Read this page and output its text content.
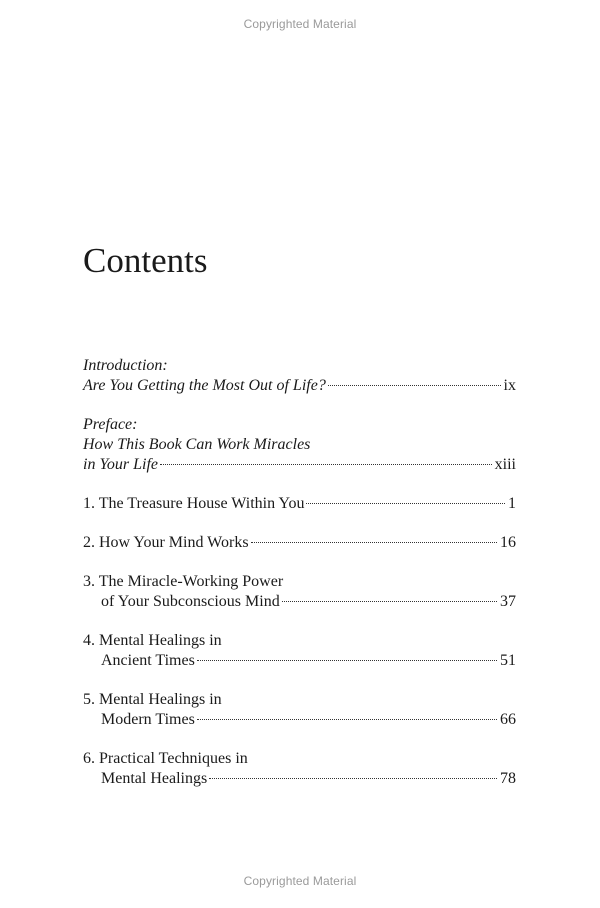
Copyrighted Material
Contents
Introduction:
Are You Getting the Most Out of Life?	ix
Preface:
How This Book Can Work Miracles
in Your Life	xiii
1. The Treasure House Within You	1
2. How Your Mind Works	16
3. The Miracle-Working Power
of Your Subconscious Mind	37
4. Mental Healings in
Ancient Times	51
5. Mental Healings in
Modern Times	66
6. Practical Techniques in
Mental Healings	78
Copyrighted Material
